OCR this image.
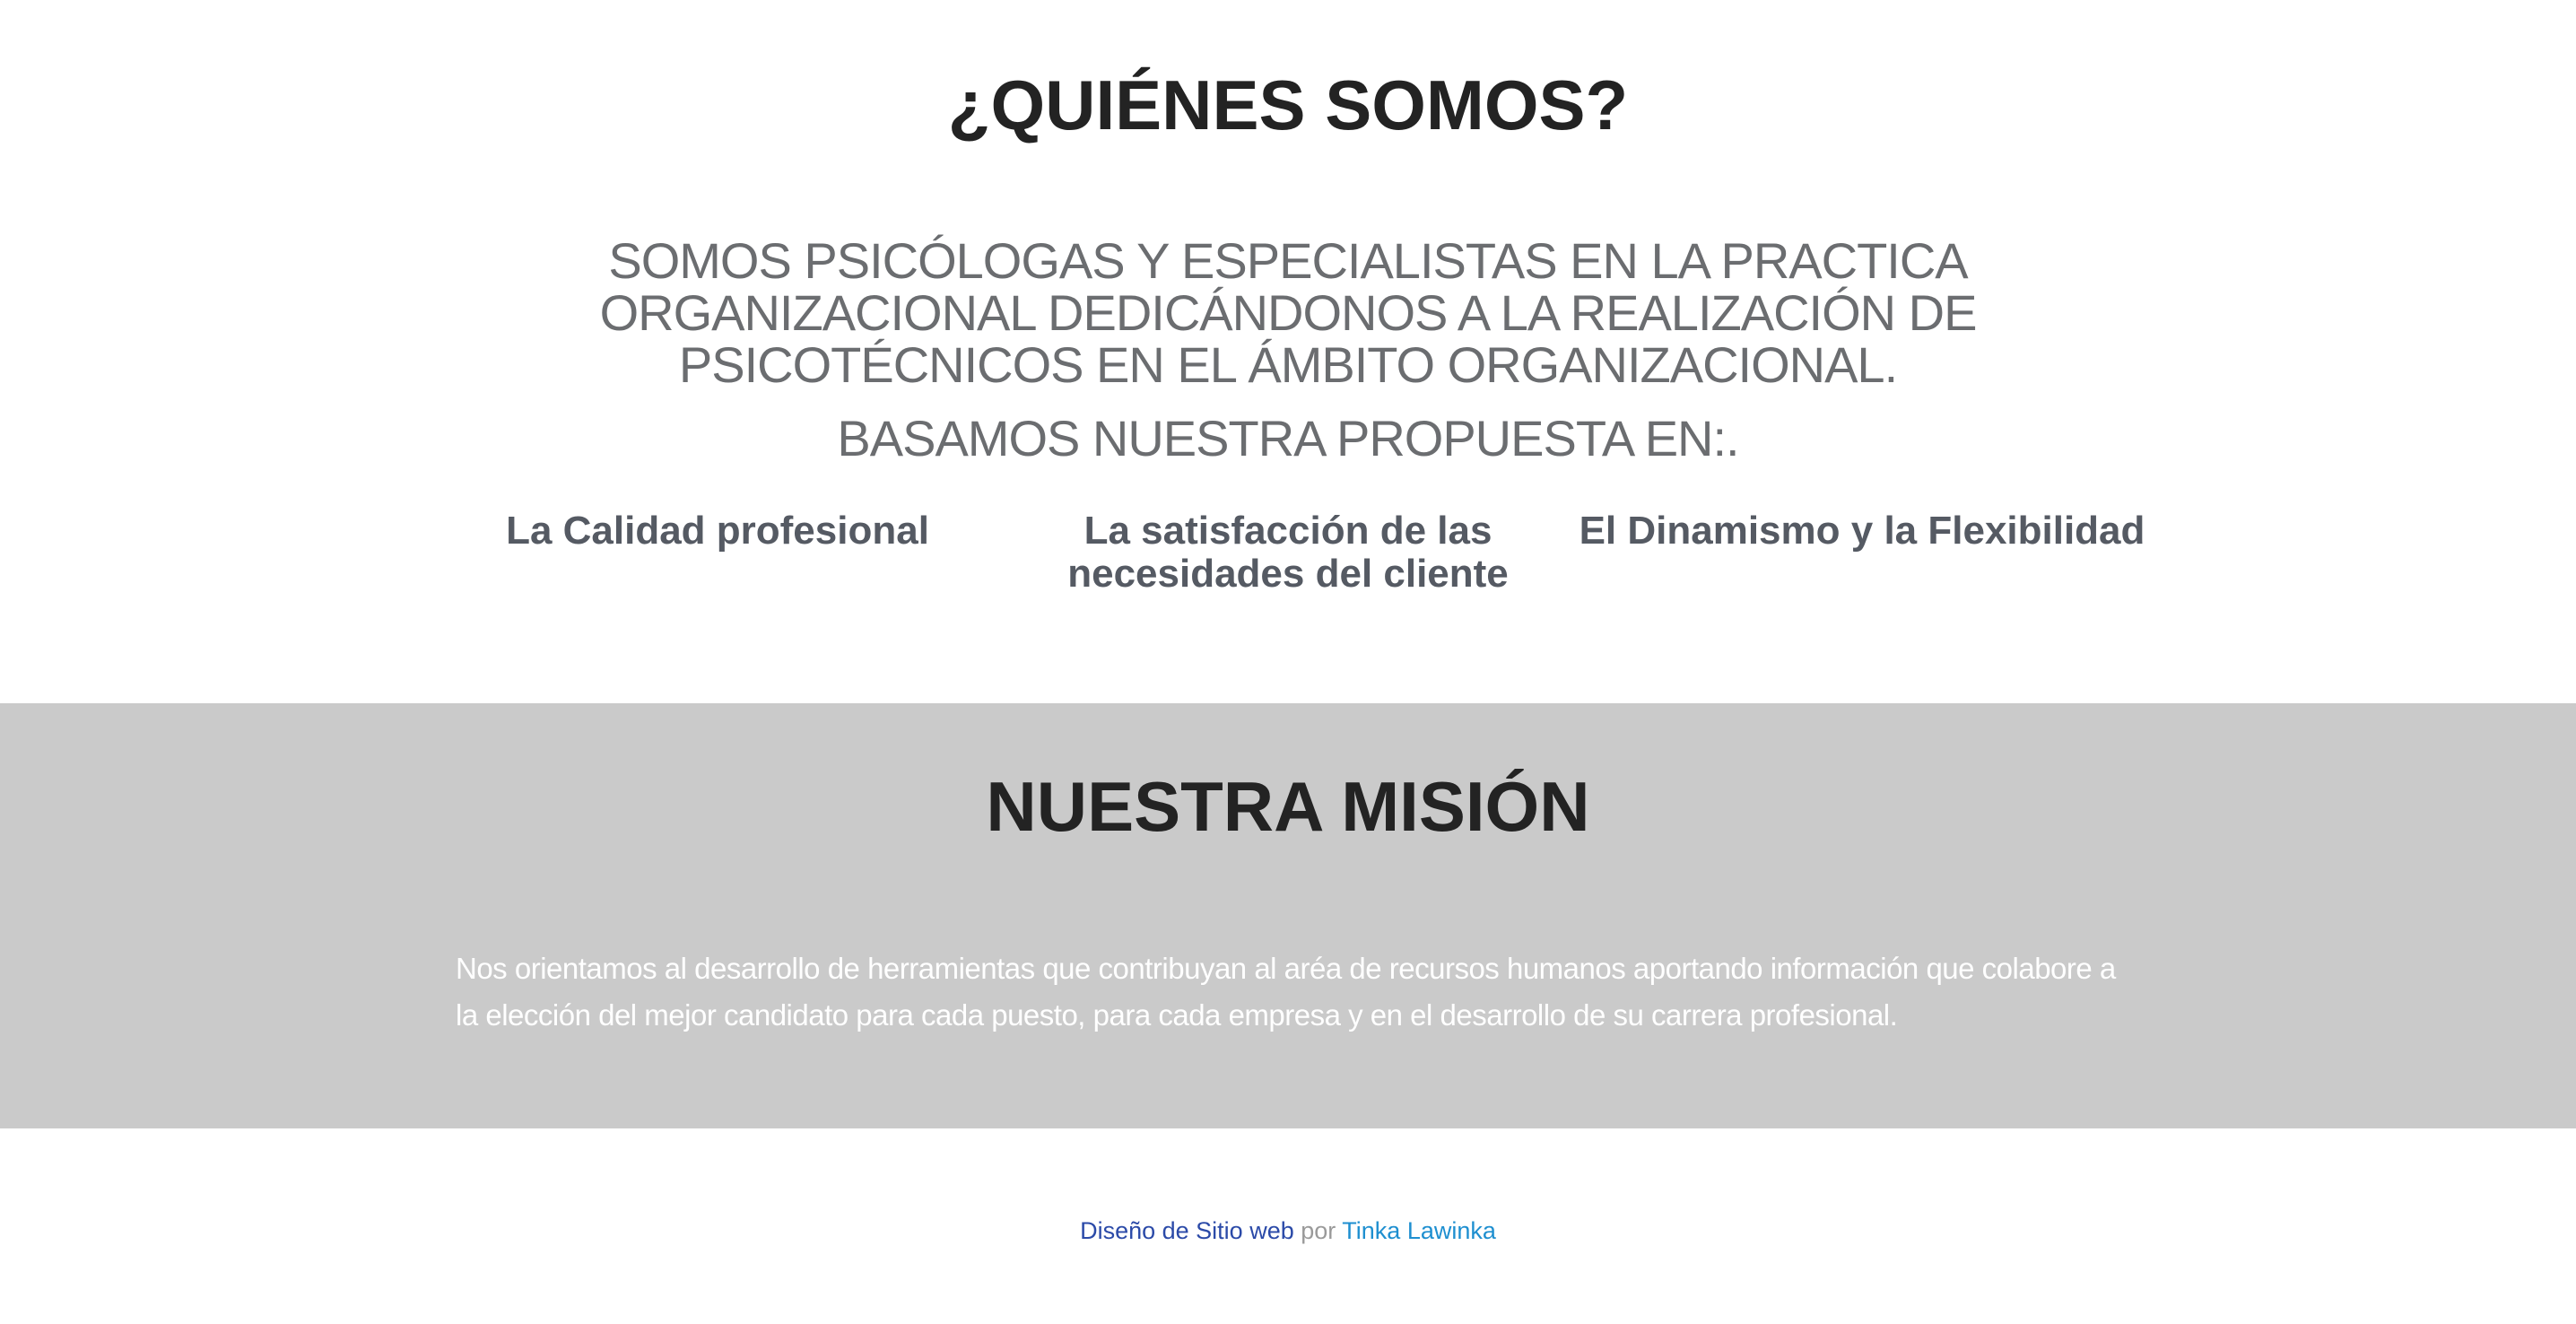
¿QUIÉNES SOMOS?

SOMOS PSICÓLOGAS Y ESPECIALISTAS EN LA PRACTICA ORGANIZACIONAL DEDICÁNDONOS A LA REALIZACIÓN DE PSICOTÉCNICOS EN EL ÁMBITO ORGANIZACIONAL.

BASAMOS NUESTRA PROPUESTA EN:.

La Calidad profesional	La satisfacción de las necesidades del cliente
El Dinamismo y la Flexibilidad
NUESTRA MISIÓN

Nos orientamos al desarrollo de herramientas que contribuyan al aréa de recursos humanos aportando información que colabore a la elección del mejor candidato para cada puesto, para cada empresa y en el desarrollo de su carrera profesional.

Diseño de Sitio web por Tinka Lawinka
